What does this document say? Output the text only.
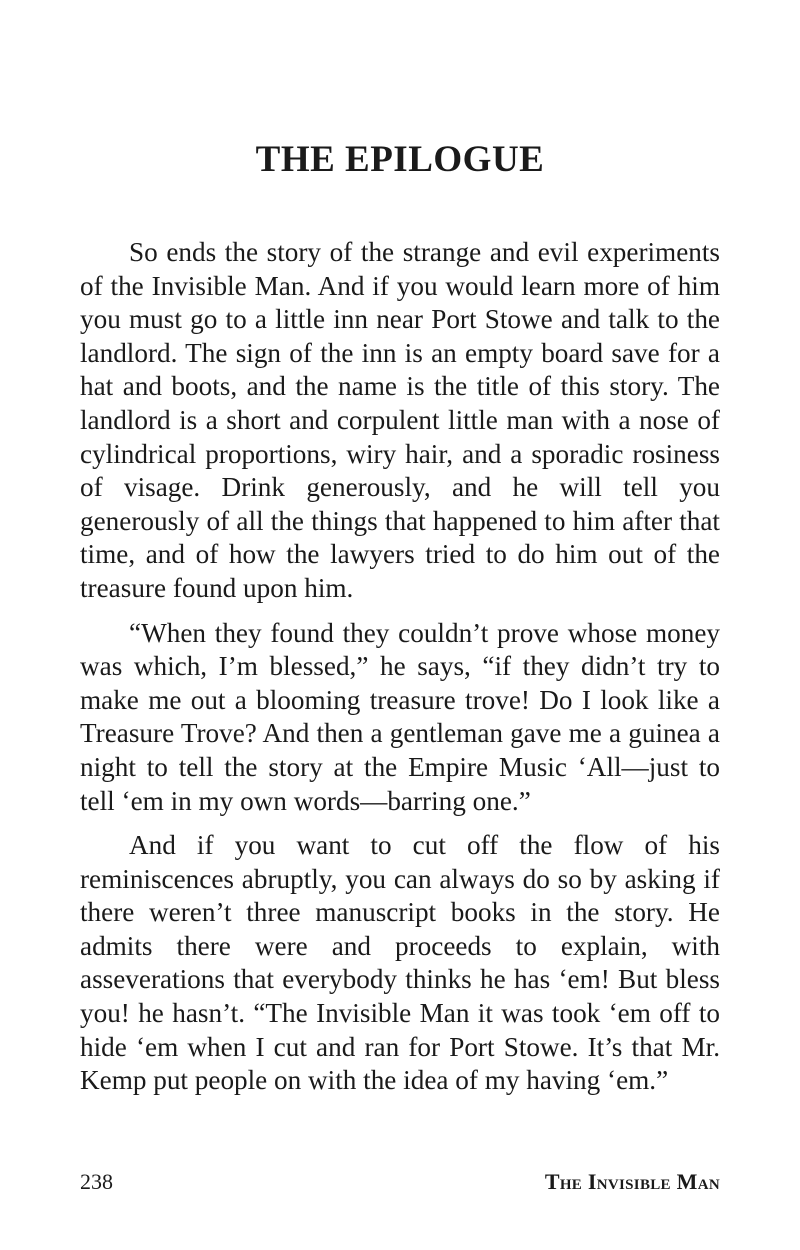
THE EPILOGUE

So ends the story of the strange and evil experiments of the Invisible Man. And if you would learn more of him you must go to a little inn near Port Stowe and talk to the landlord. The sign of the inn is an empty board save for a hat and boots, and the name is the title of this story. The landlord is a short and corpulent little man with a nose of cylindrical proportions, wiry hair, and a sporadic rosiness of visage. Drink generously, and he will tell you generously of all the things that happened to him after that time, and of how the lawyers tried to do him out of the treasure found upon him.

“When they found they couldn’t prove whose money was which, I’m blessed,” he says, “if they didn’t try to make me out a blooming treasure trove! Do I look like a Treasure Trove? And then a gentleman gave me a guinea a night to tell the story at the Empire Music ‘All—just to tell ‘em in my own words—barring one.”

And if you want to cut off the flow of his reminiscences abruptly, you can always do so by asking if there weren’t three manuscript books in the story. He admits there were and proceeds to explain, with asseverations that everybody thinks he has ‘em! But bless you! he hasn’t. “The Invisible Man it was took ‘em off to hide ‘em when I cut and ran for Port Stowe. It’s that Mr. Kemp put people on with the idea of my having ‘em.”

238	The Invisible Man
